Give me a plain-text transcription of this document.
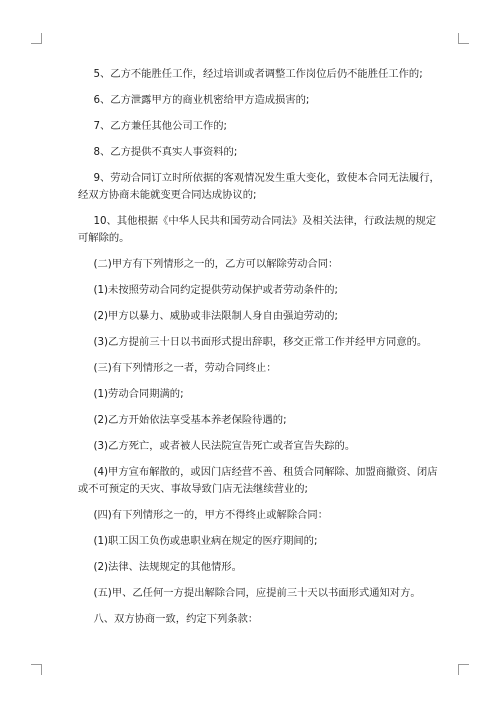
5、乙方不能胜任工作，经过培训或者调整工作岗位后仍不能胜任工作的;

6、乙方泄露甲方的商业机密给甲方造成损害的;

7、乙方兼任其他公司工作的;

8、乙方提供不真实人事资料的;

9、劳动合同订立时所依据的客观情况发生重大变化，致使本合同无法履行，经双方协商未能就变更合同达成协议的;

10、其他根据《中华人民共和国劳动合同法》及相关法律，行政法规的规定可解除的。

(二)甲方有下列情形之一的，乙方可以解除劳动合同：

(1)未按照劳动合同约定提供劳动保护或者劳动条件的;

(2)甲方以暴力、威胁或非法限制人身自由强迫劳动的;

(3)乙方提前三十日以书面形式提出辞职，移交正常工作并经甲方同意的。

(三)有下列情形之一者，劳动合同终止：

(1)劳动合同期满的;

(2)乙方开始依法享受基本养老保险待遇的;

(3)乙方死亡，或者被人民法院宣告死亡或者宣告失踪的。

(4)甲方宣布解散的，或因门店经营不善、租赁合同解除、加盟商撤资、闭店或不可预定的天灾、事故导致门店无法继续营业的;

(四)有下列情形之一的，甲方不得终止或解除合同：

(1)职工因工负伤或患职业病在规定的医疗期间的;

(2)法律、法规规定的其他情形。

(五)甲、乙任何一方提出解除合同，应提前三十天以书面形式通知对方。

八、双方协商一致，约定下列条款：
